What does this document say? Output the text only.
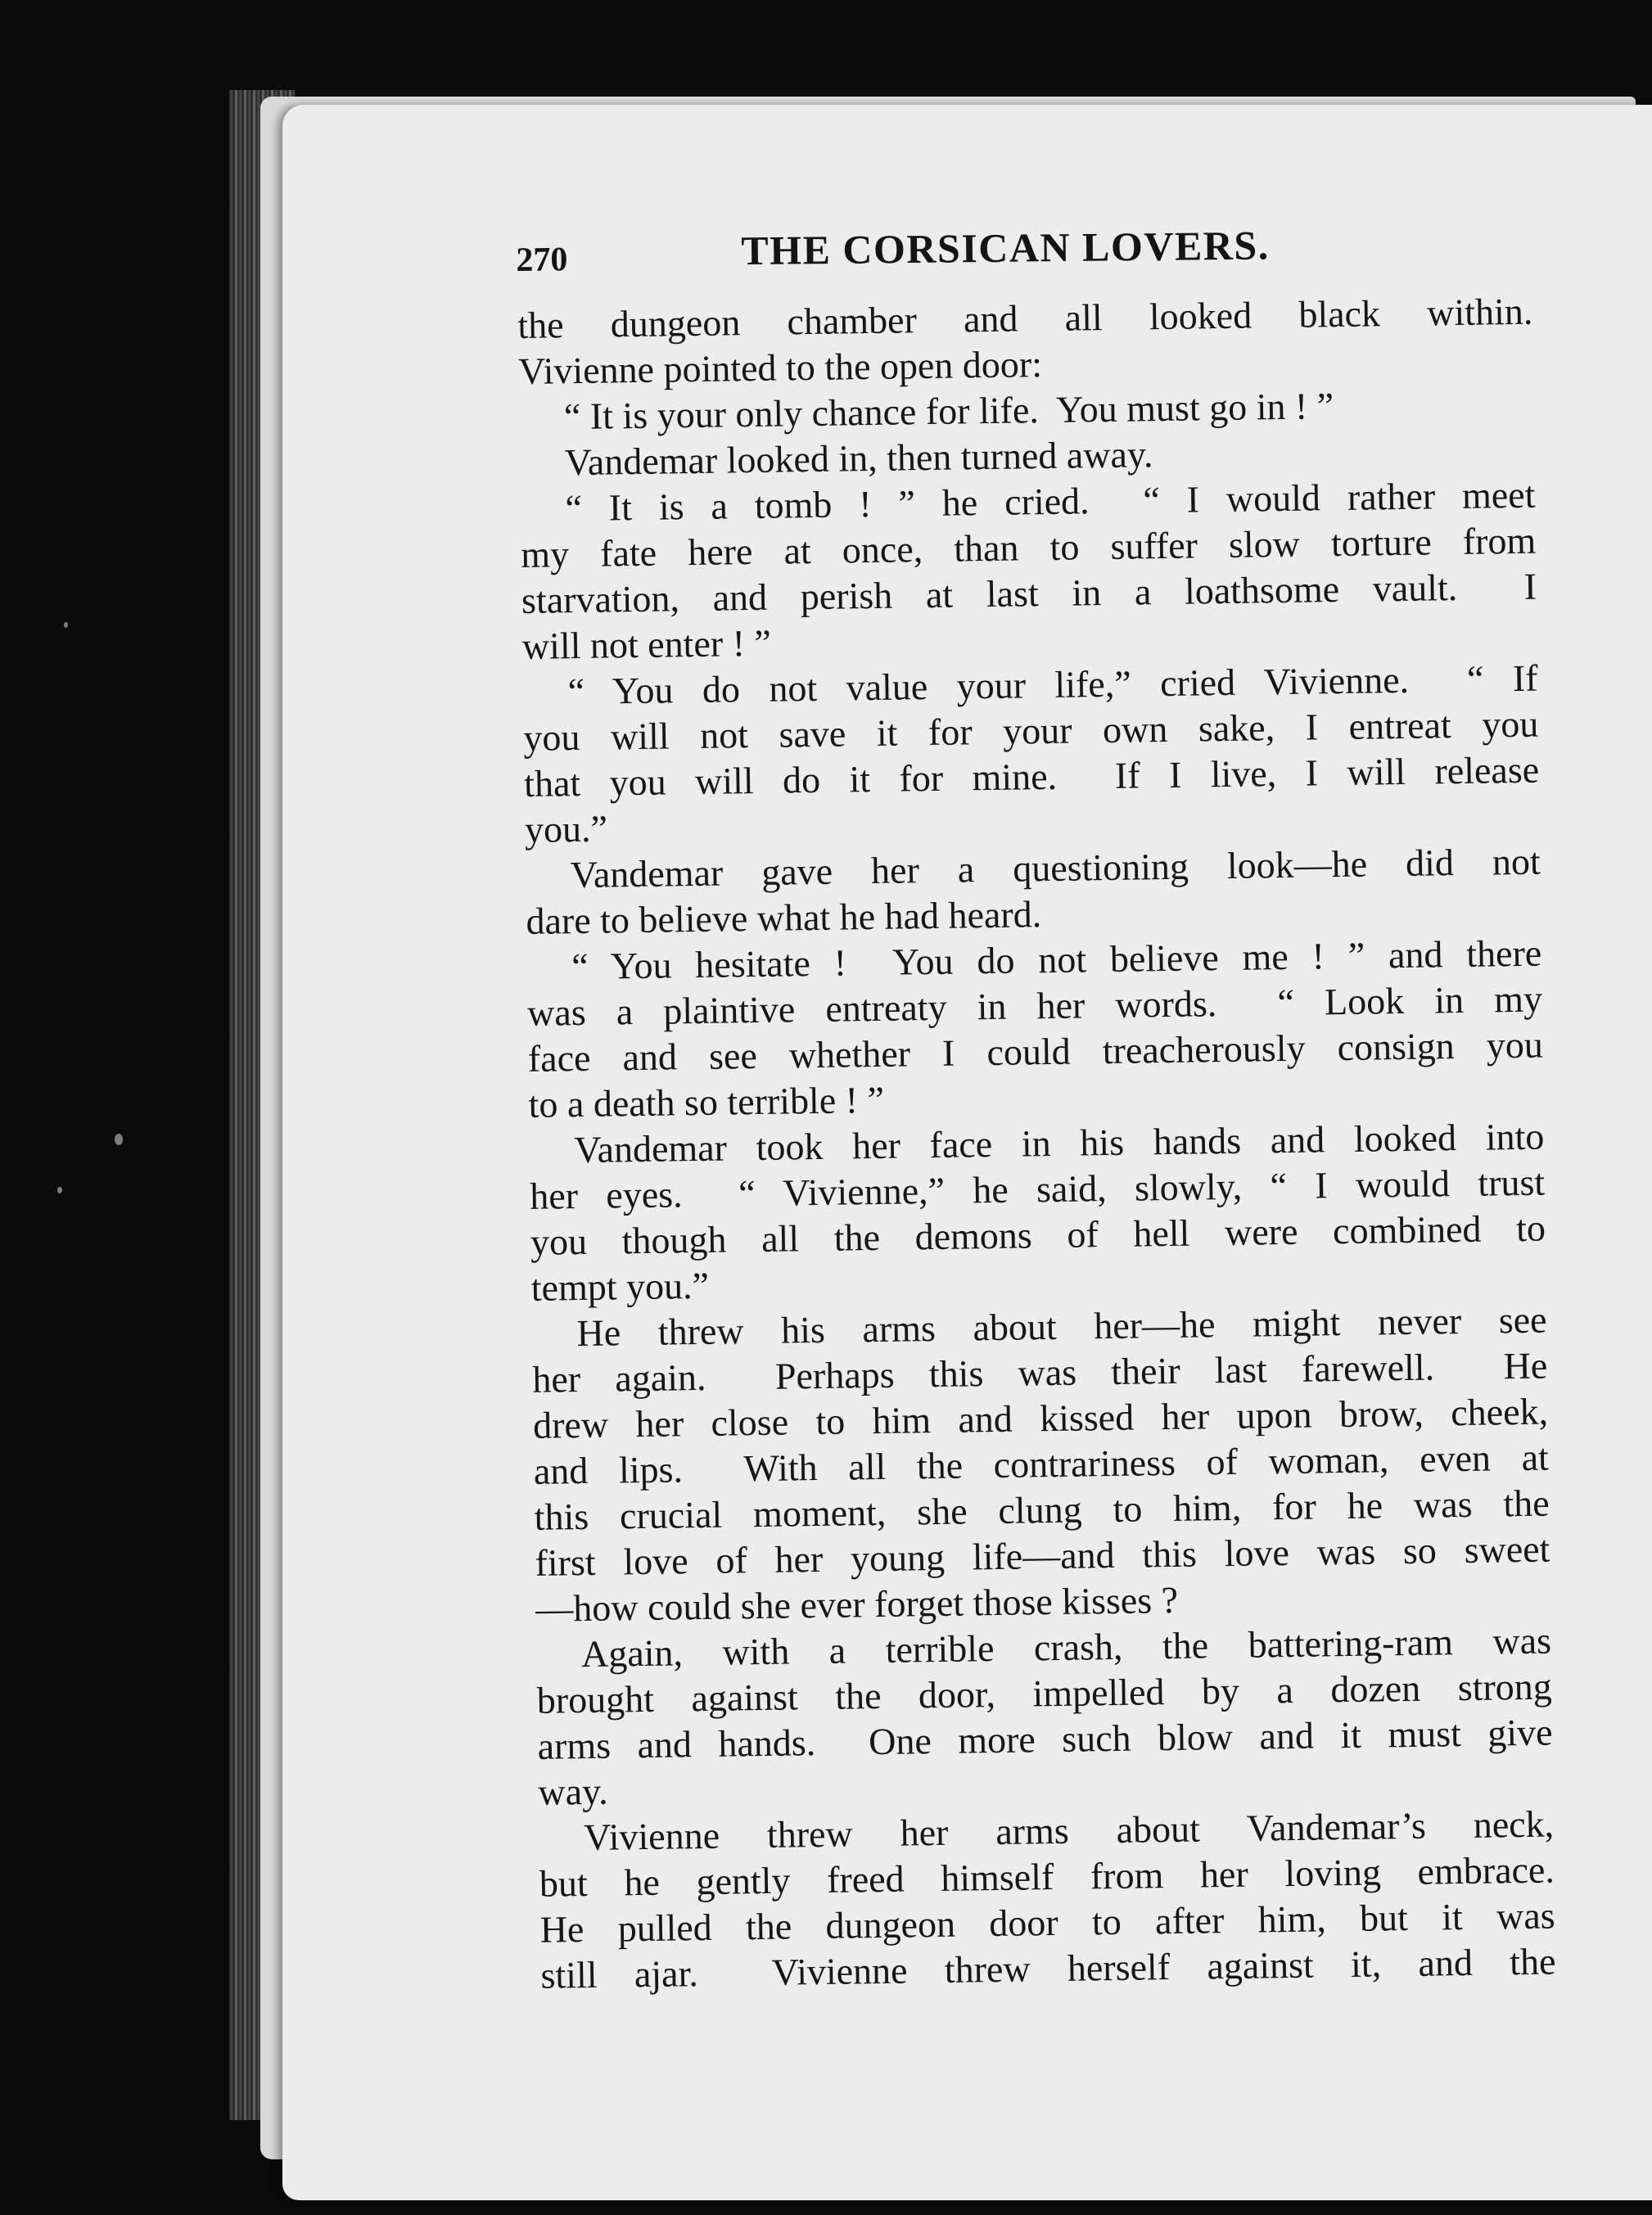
270	THE CORSICAN LOVERS.
the dungeon chamber and all looked black within.
Vivienne pointed to the open door:
“ It is your only chance for life.  You must go in ! ”
Vandemar looked in, then turned away.
“ It is a tomb ! ” he cried.  “ I would rather meet
my fate here at once, than to suffer slow torture from
starvation, and perish at last in a loathsome vault.  I
will not enter ! ”
“ You do not value your life,” cried Vivienne.  “ If
you will not save it for your own sake, I entreat you
that you will do it for mine.  If I live, I will release
you.”
Vandemar gave her a questioning look—he did not
dare to believe what he had heard.
“ You hesitate !  You do not believe me ! ” and there
was a plaintive entreaty in her words.  “ Look in my
face and see whether I could treacherously consign you
to a death so terrible ! ”
Vandemar took her face in his hands and looked into
her eyes.  “ Vivienne,” he said, slowly, “ I would trust
you though all the demons of hell were combined to
tempt you.”
He threw his arms about her—he might never see
her again.  Perhaps this was their last farewell.  He
drew her close to him and kissed her upon brow, cheek,
and lips.  With all the contrariness of woman, even at
this crucial moment, she clung to him, for he was the
first love of her young life—and this love was so sweet
—how could she ever forget those kisses ?
Again, with a terrible crash, the battering-ram was
brought against the door, impelled by a dozen strong
arms and hands.  One more such blow and it must give
way.
Vivienne threw her arms about Vandemar’s neck,
but he gently freed himself from her loving embrace.
He pulled the dungeon door to after him, but it was
still ajar.  Vivienne threw herself against it, and the
